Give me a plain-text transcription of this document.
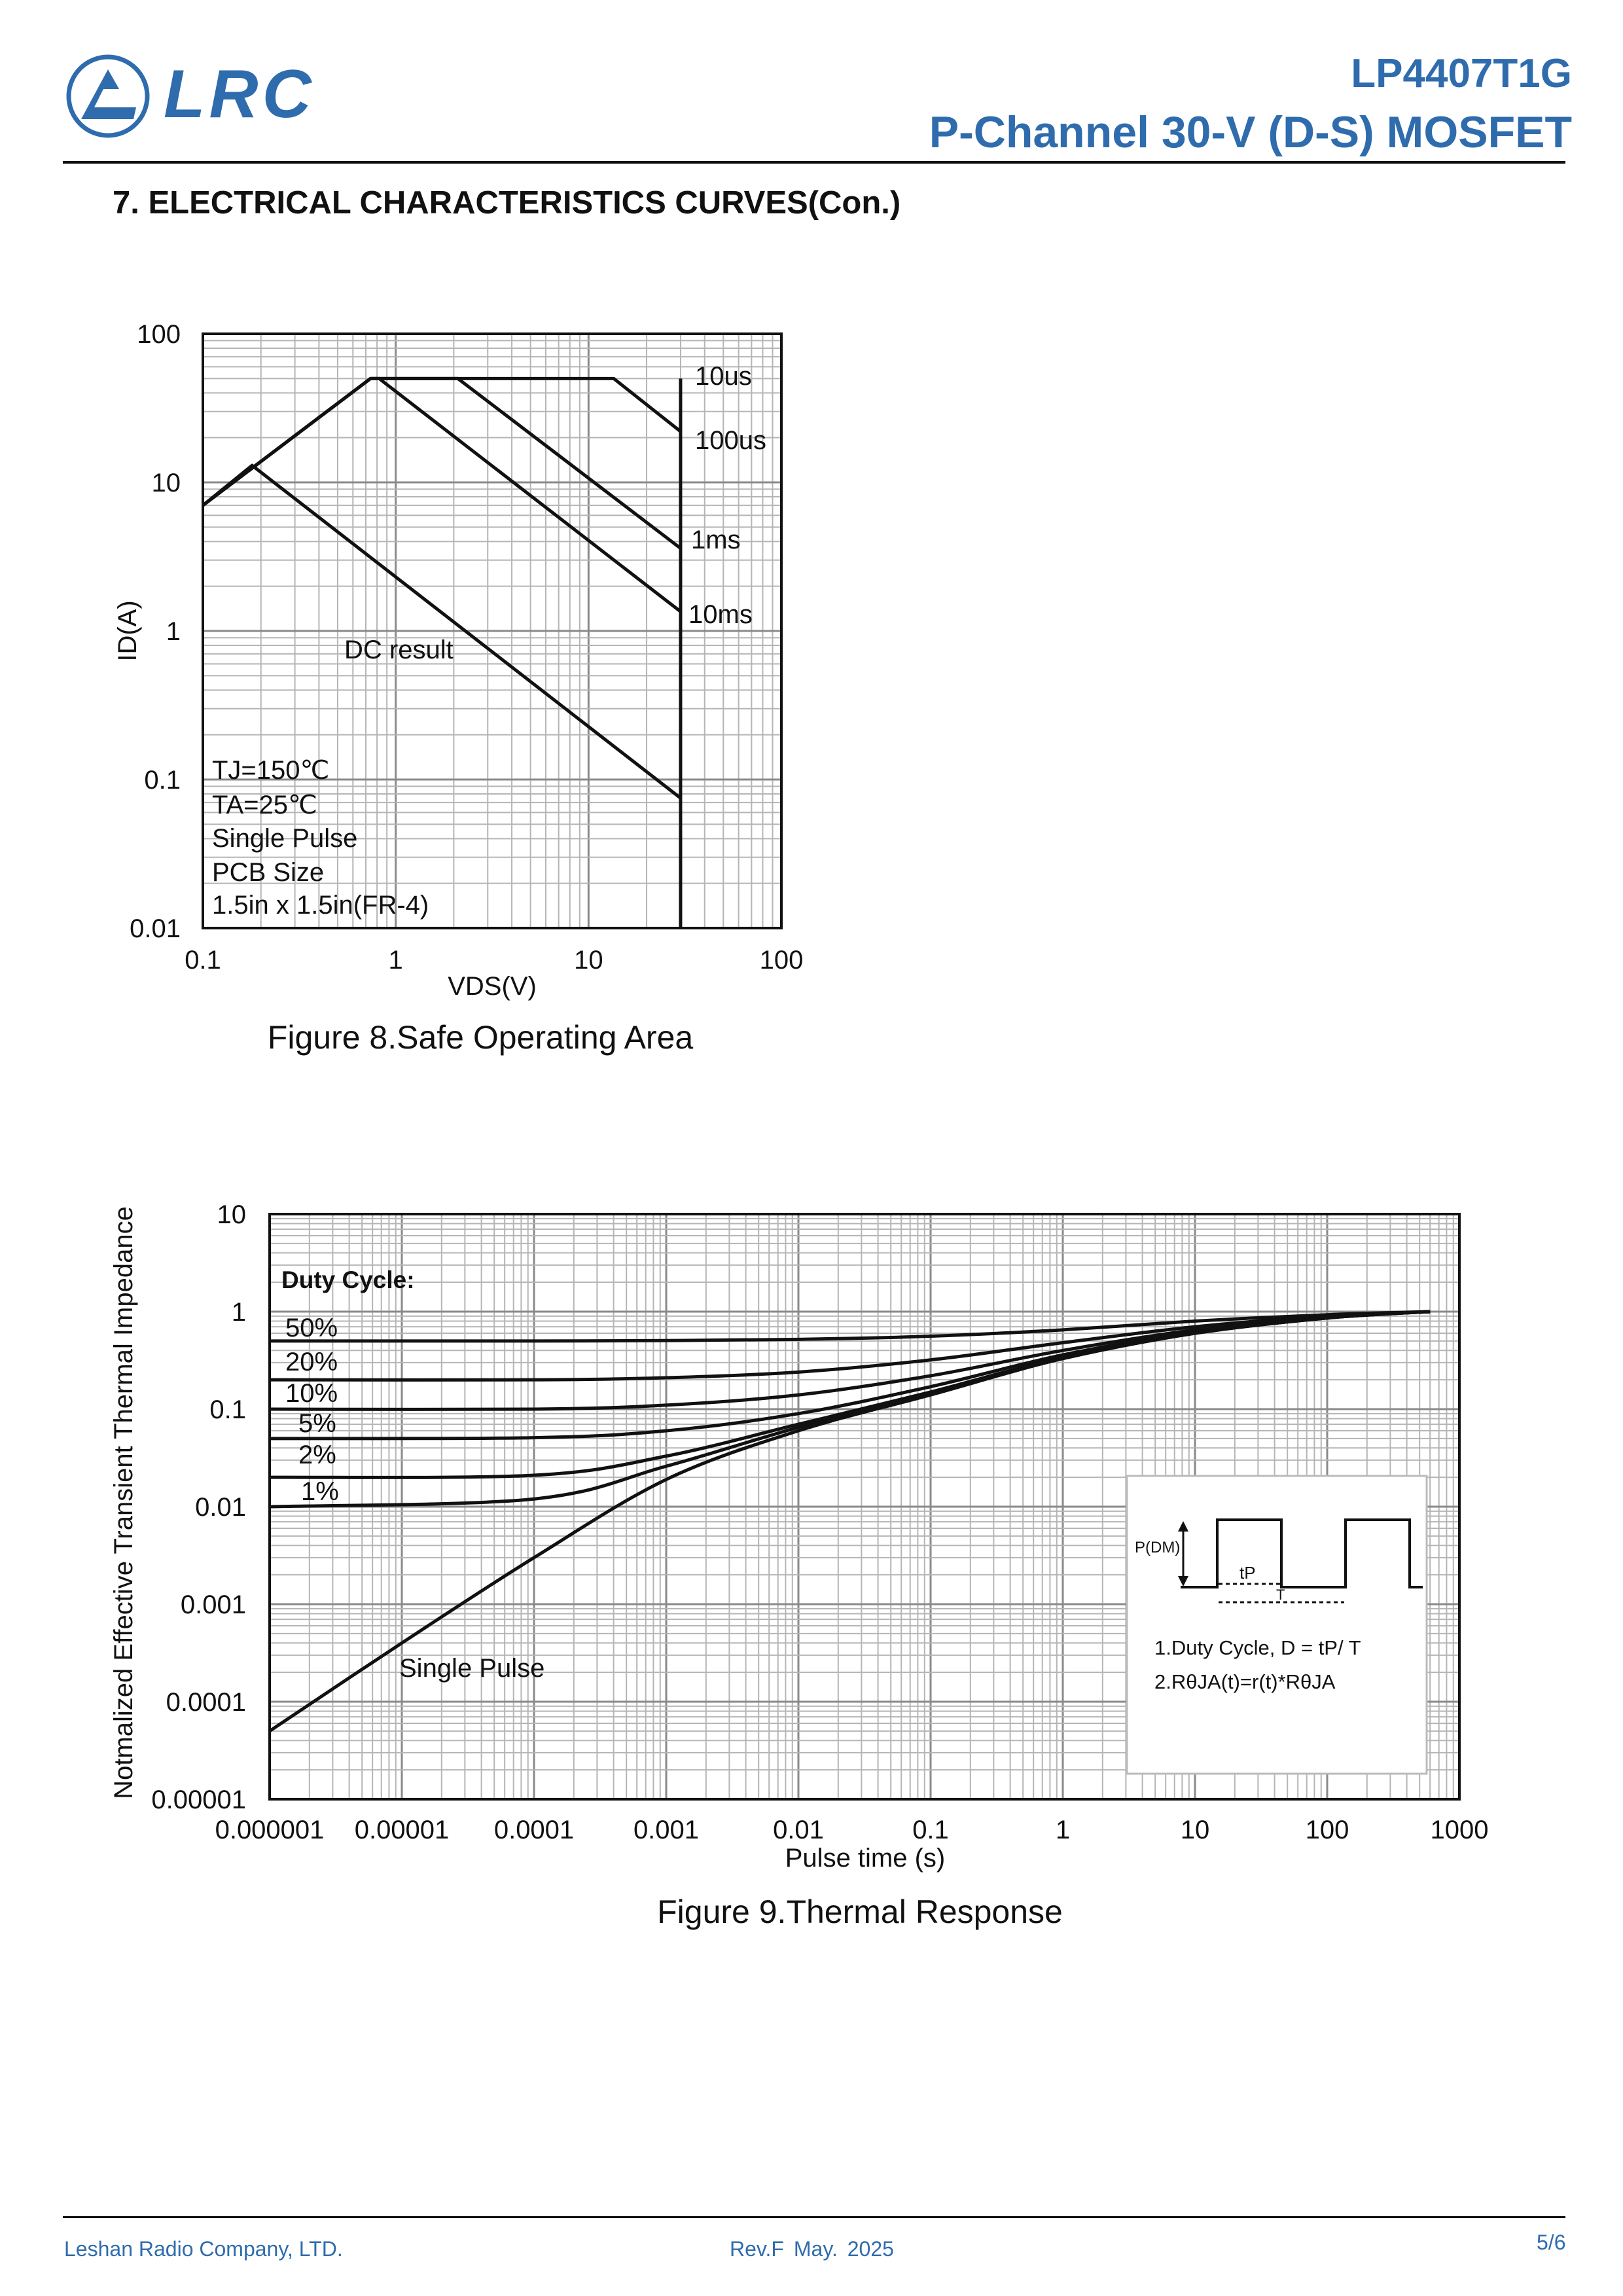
LRC	LP4407T1G
P-Channel 30-V (D-S) MOSFET
7. ELECTRICAL CHARACTERISTICS CURVES(Con.)
0.1	1	10	100
0.01
0.1
1
10
100
VDS(V)
ID(A)
10us
100us
1ms
10ms
DC result
TJ=150℃
TA=25℃
Single Pulse
PCB Size
1.5in x 1.5in(FR-4)
Figure 8.Safe Operating Area
0.000001 0.00001 0.0001 0.001	0.01	0.1	1	10	100	1000
0.00001
0.0001
0.001
0.01
0.1
1
10
Pulse time (s)
Notmalized Effective Transient Thermal Impedance	Duty Cycle:
50%
20%
10%
5%
2%
1%
Single Pulse
P(DM)
tP
T
1.Duty Cycle, D = tP/ T
2.RθJA(t)=r(t)*RθJA
Figure 9.Thermal Response
Leshan Radio Company, LTD.	Rev.F May. 2025	5/6
